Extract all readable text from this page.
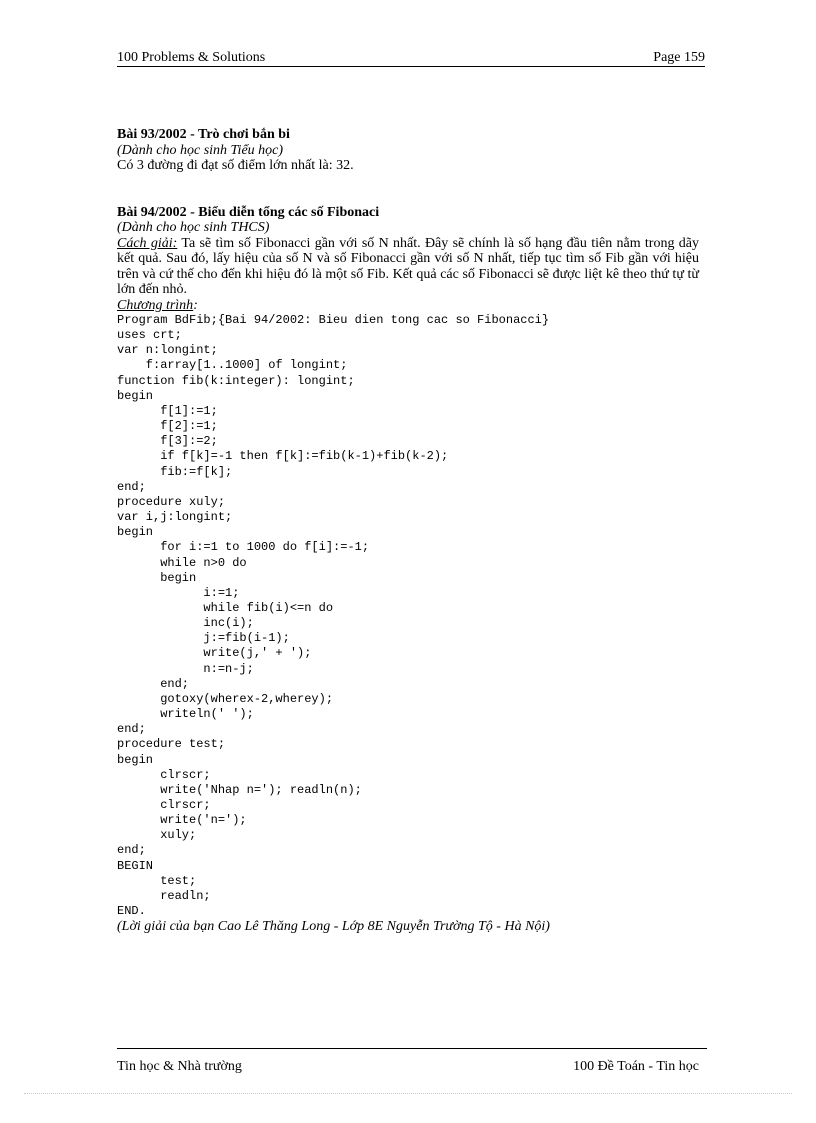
100 Problems & Solutions	Page 159
Bài 93/2002 - Trò chơi bắn bi
(Dành cho học sinh Tiểu học)
Có 3 đường đi đạt số điểm lớn nhất là: 32.
Bài 94/2002 - Biểu diễn tổng các số Fibonaci
(Dành cho học sinh THCS)
Cách giải: Ta sẽ tìm số Fibonacci gần với số N nhất. Đây sẽ chính là số hạng đầu tiên nằm trong dãy kết quả. Sau đó, lấy hiệu của số N và số Fibonacci gần với số N nhất, tiếp tục tìm số Fib gần với hiệu trên và cứ thế cho đến khi hiệu đó là một số Fib. Kết quả các số Fibonacci sẽ được liệt kê theo thứ tự từ lớn đến nhỏ.
Chương trình:
Program BdFib;{Bai 94/2002: Bieu dien tong cac so Fibonacci}
uses crt;
var n:longint;
f:array[1..1000] of longint;
function fib(k:integer): longint;
begin
f[1]:=1;
f[2]:=1;
f[3]:=2;
if f[k]=-1 then f[k]:=fib(k-1)+fib(k-2);
fib:=f[k];
end;
procedure xuly;
var i,j:longint;
begin
for i:=1 to 1000 do f[i]:=-1;
while n>0 do
begin
i:=1;
while fib(i)<=n do
inc(i);
j:=fib(i-1);
write(j,' + ');
n:=n-j;
end;
gotoxy(wherex-2,wherey);
writeln(' ');
end;
procedure test;
begin
clrscr;
write('Nhap n='); readln(n);
clrscr;
write('n=');
xuly;
end;
BEGIN
test;
readln;
END.
(Lời giải của bạn Cao Lê Thăng Long - Lớp 8E Nguyễn Trường Tộ - Hà Nội)
Tin học & Nhà trường	100 Đề Toán - Tin học
